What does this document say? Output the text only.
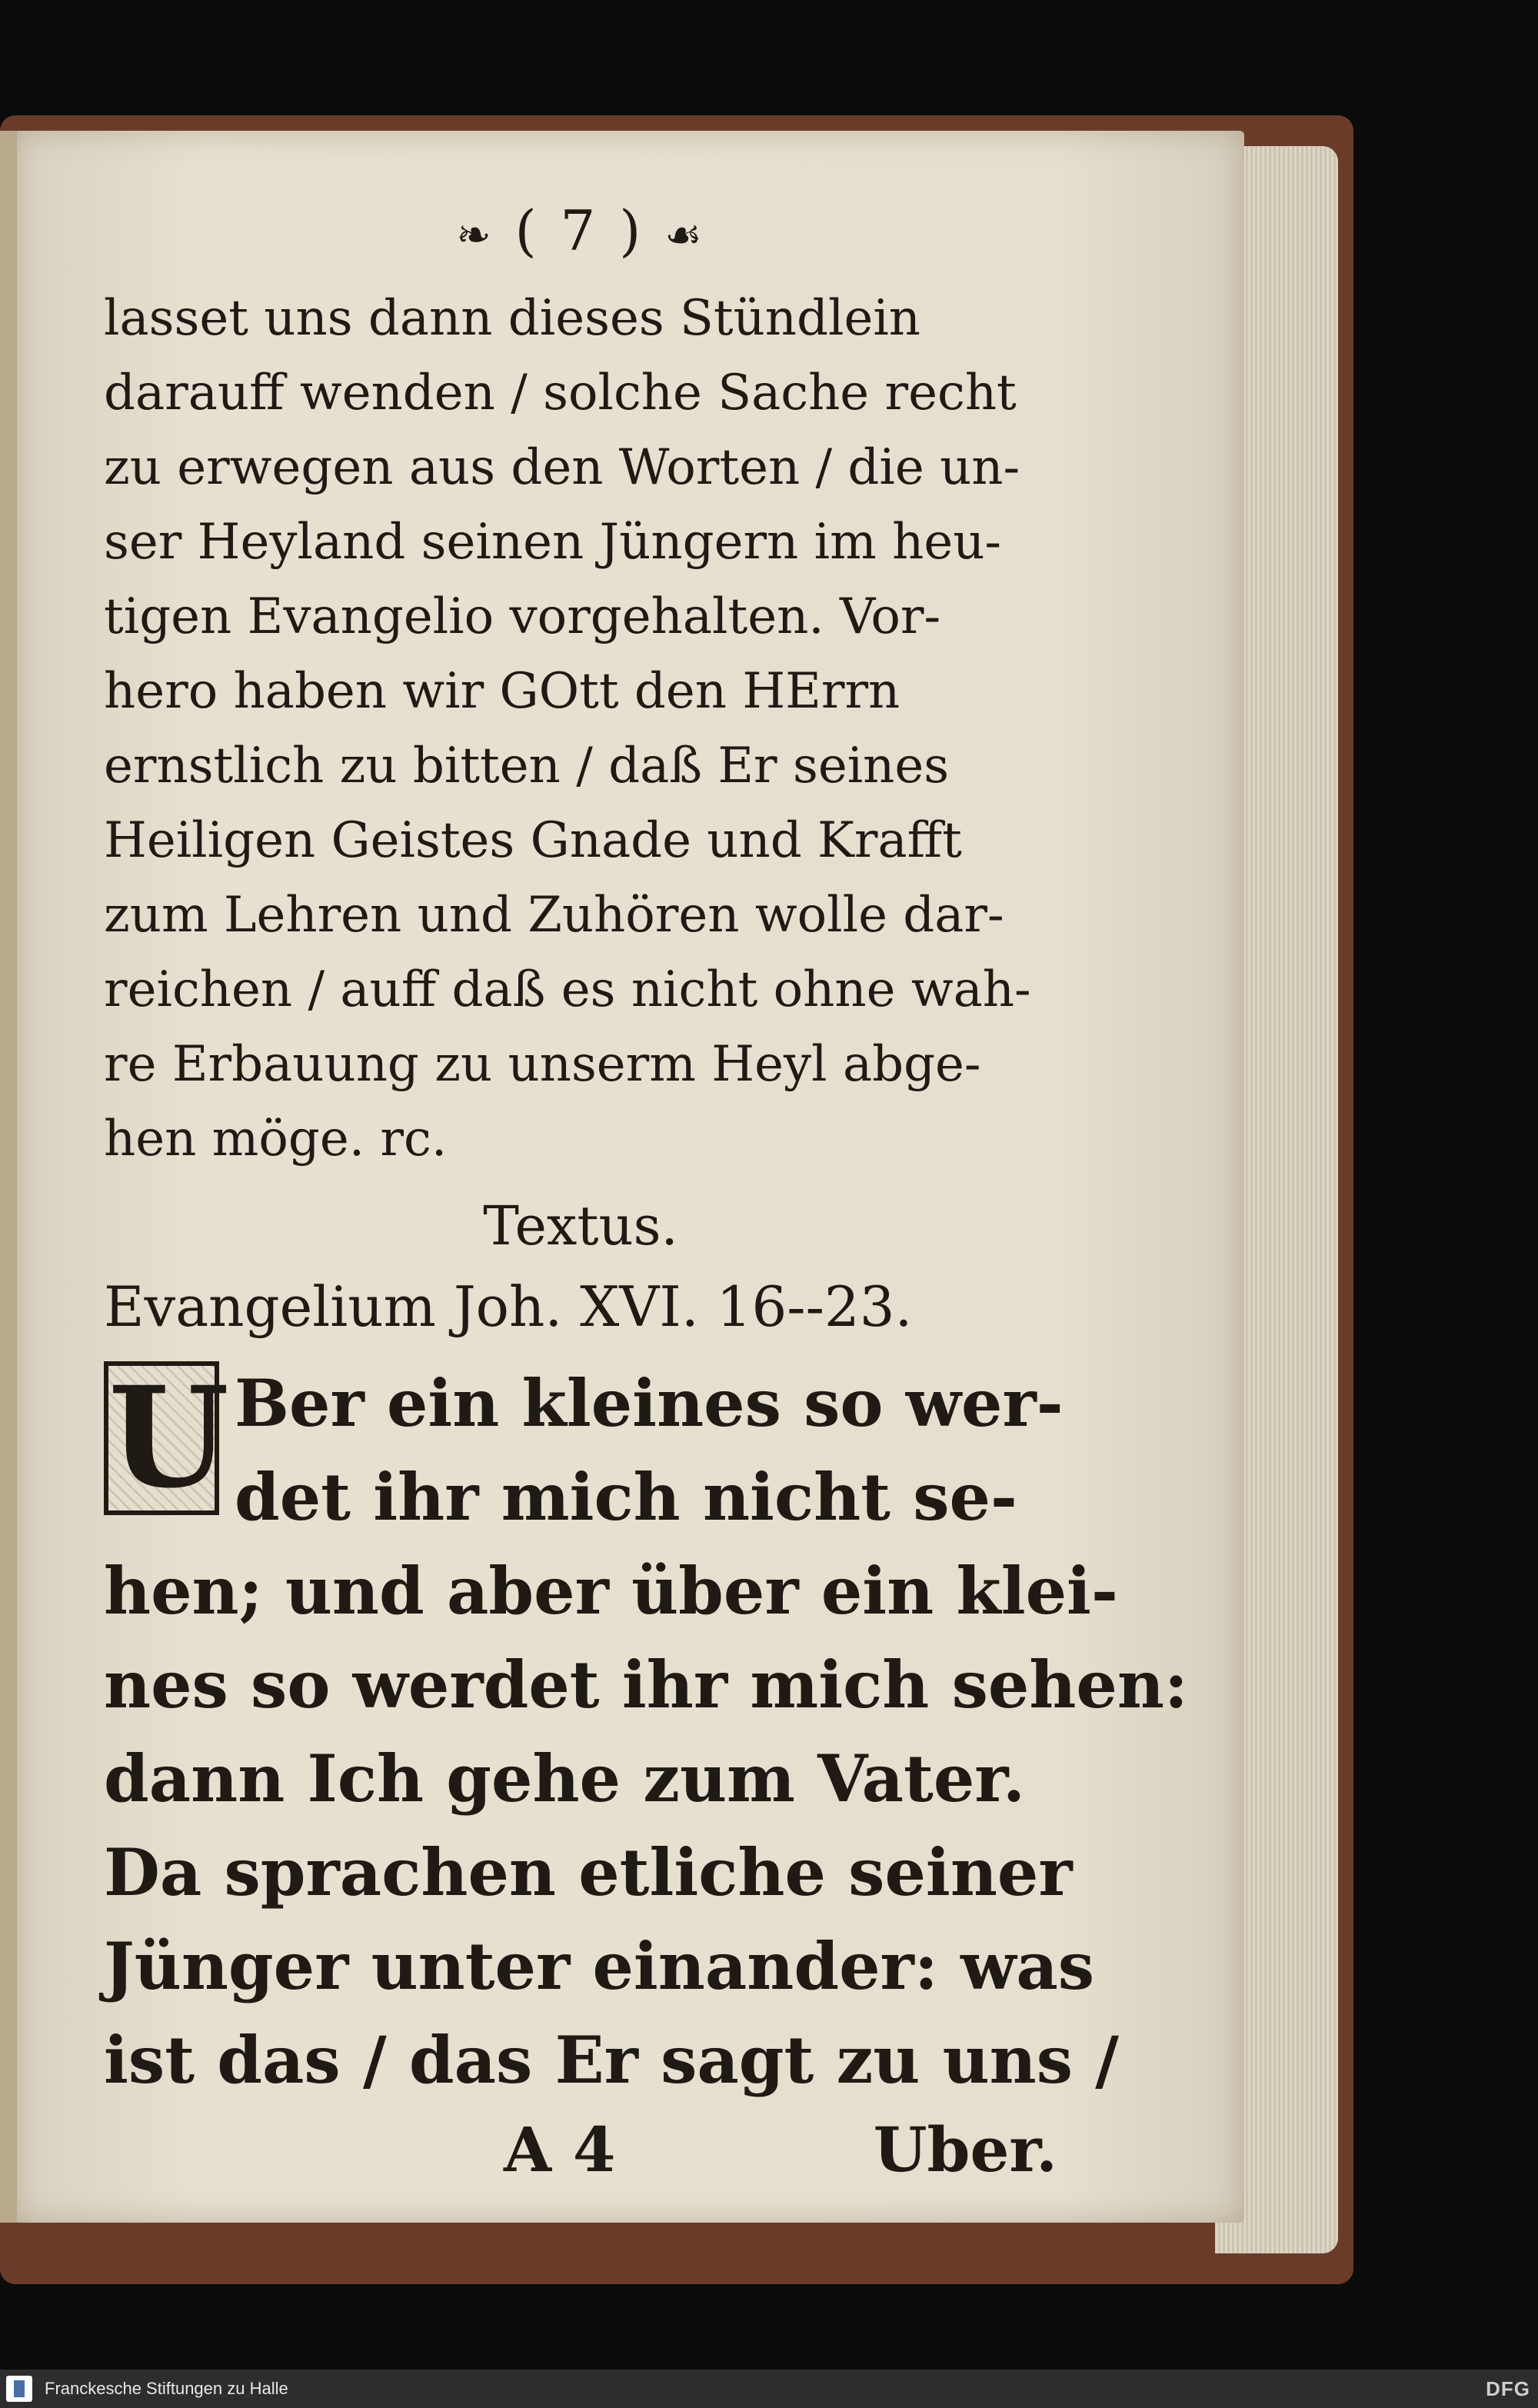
❧ ( 7 ) ☙
lasset uns dann dieses Stündlein
darauff wenden / solche Sache recht
zu erwegen aus den Worten / die un-
ser Heyland seinen Jüngern im heu-
tigen Evangelio vorgehalten. Vor-
hero haben wir GOtt den HErrn
ernstlich zu bitten / daß Er seines
Heiligen Geistes Gnade und Krafft
zum Lehren und Zuhören wolle dar-
reichen / auff daß es nicht ohne wah-
re Erbauung zu unserm Heyl abge-
hen möge. rc.
Textus.
Evangelium Joh. XVI. 16--23.
U Ber ein kleines so wer-
det ihr mich nicht se-
hen; und aber über ein klei-
nes so werdet ihr mich sehen:
dann Ich gehe zum Vater.
Da sprachen etliche seiner
Jünger unter einander: was
ist das / das Er sagt zu uns /
A 4	Uber.
Franckesche Stiftungen zu Halle	DFG
